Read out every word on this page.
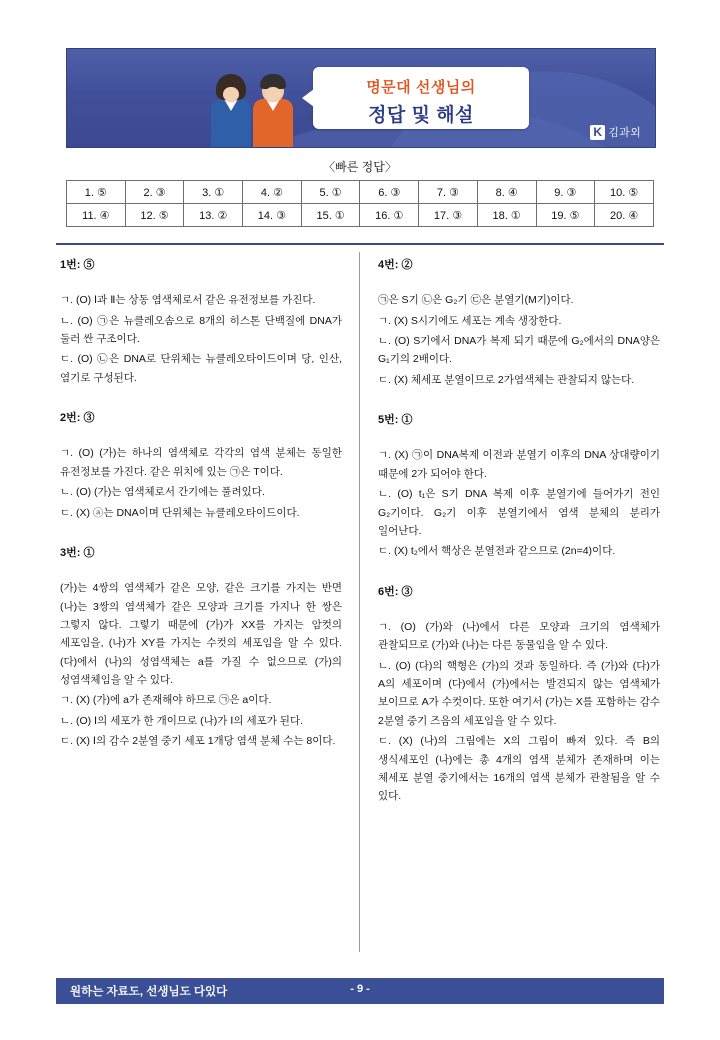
명문대 선생님의
정답 및 해설
K 김과외
〈빠른 정답〉
1. ⑤	2. ③	3. ①	4. ②	5. ①	6. ③	7. ③	8. ④	9. ③	10. ⑤
11. ④	12. ⑤	13. ②	14. ③	15. ①	16. ①	17. ③	18. ①	19. ⑤	20. ④
1번: ⑤

ㄱ. (O) Ⅰ과 Ⅱ는 상동 염색체로서 같은 유전정보를 가진다.

ㄴ. (O) ㉠은 뉴클레오솜으로 8개의 히스톤 단백질에 DNA가 둘러 싼 구조이다.

ㄷ. (O) ㉡은 DNA로 단위체는 뉴클레오타이드이며 당, 인산, 염기로 구성된다.

2번: ③

ㄱ. (O) (가)는 하나의 염색체로 각각의 염색 분체는 동일한 유전정보를 가진다. 같은 위치에 있는 ㉠은 T이다.

ㄴ. (O) (가)는 염색체로서 간기에는 풀려있다.

ㄷ. (X) ⓐ는 DNA이며 단위체는 뉴클레오타이드이다.

3번: ①

(가)는 4쌍의 염색체가 같은 모양, 같은 크기를 가지는 반면 (나)는 3쌍의 염색체가 같은 모양과 크기를 가지나 한 쌍은 그렇지 않다. 그렇기 때문에 (가)가 XX를 가지는 암컷의 세포임을, (나)가 XY를 가지는 수컷의 세포임을 알 수 있다. (다)에서 (나)의 성염색체는 a를 가질 수 없으므로 (가)의 성염색체임을 알 수 있다.

ㄱ. (X) (가)에 a가 존재해야 하므로 ㉠은 a이다.

ㄴ. (O) Ⅰ의 세포가 한 개이므로 (나)가 Ⅰ의 세포가 된다.

ㄷ. (X) Ⅰ의 감수 2분열 중기 세포 1개당 염색 분체 수는 8이다.

4번: ②

㉠은 S기 ㉡은 G₂기 ㉢은 분열기(M기)이다.

ㄱ. (X) S시기에도 세포는 계속 생장한다.

ㄴ. (O) S기에서 DNA가 복제 되기 때문에 G₂에서의 DNA양은 G₁기의 2배이다.

ㄷ. (X) 체세포 분열이므로 2가염색체는 관찰되지 않는다.

5번: ①

ㄱ. (X) ㉠이 DNA복제 이전과 분열기 이후의 DNA 상대량이기 때문에 2가 되어야 한다.

ㄴ. (O) t₁은 S기 DNA 복제 이후 분열기에 들어가기 전인 G₂기이다. G₂기 이후 분열기에서 염색 분체의 분리가 일어난다.

ㄷ. (X) t₂에서 핵상은 분열전과 같으므로 (2n=4)이다.

6번: ③

ㄱ. (O) (가)와 (나)에서 다른 모양과 크기의 염색체가 관찰되므로 (가)와 (나)는 다른 동물임을 알 수 있다.

ㄴ. (O) (다)의 핵형은 (가)의 것과 동일하다. 즉 (가)와 (다)가 A의 세포이며 (다)에서 (가)에서는 발견되지 않는 염색체가 보이므로 A가 수컷이다. 또한 여기서 (가)는 X를 포함하는 감수 2분열 중기 즈음의 세포임을 알 수 있다.

ㄷ. (X) (나)의 그림에는 X의 그림이 빠져 있다. 즉 B의 생식세포인 (나)에는 총 4개의 염색 분체가 존재하며 이는 체세포 분열 중기에서는 16개의 염색 분체가 관찰됨을 알 수 있다.

원하는 자료도, 선생님도 다있다	- 9 -
